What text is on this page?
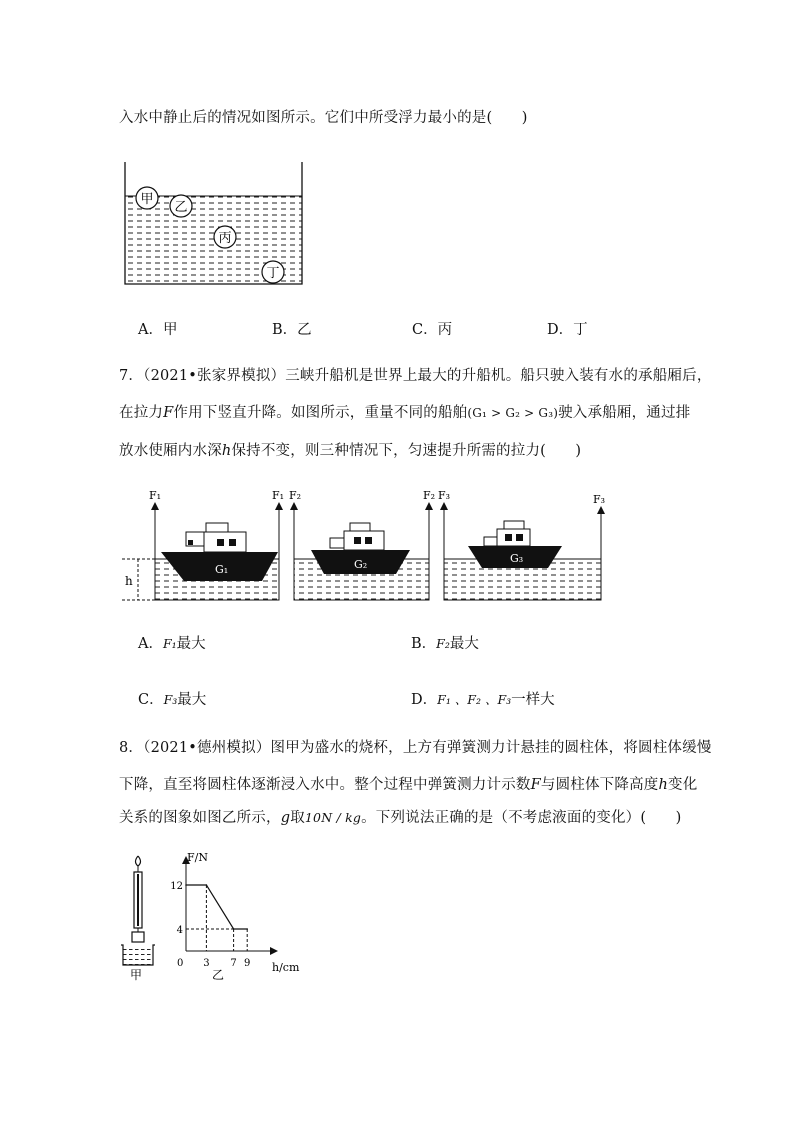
入水中静止后的情况如图所示。它们中所受浮力最小的是(　　)
甲
乙
丙
丁
A．甲	B．乙	C．丙	D．丁
7．（2021•张家界模拟）三峡升船机是世界上最大的升船机。船只驶入装有水的承船厢后，
在拉力F作用下竖直升降。如图所示，重量不同的船舶(G₁ > G₂ > G₃)驶入承船厢，通过排
放水使厢内水深h保持不变，则三种情况下，匀速提升所需的拉力(　　)
h
F₁	F₁ F₂	F₂ F₃	F₃
G₁	G₂	G₃
A．F₁最大	B．F₂最大
C．F₃最大	D．F₁ 、F₂ 、F₃一样大
8．（2021•德州模拟）图甲为盛水的烧杯，上方有弹簧测力计悬挂的圆柱体，将圆柱体缓慢
下降，直至将圆柱体逐渐浸入水中。整个过程中弹簧测力计示数F与圆柱体下降高度h变化
关系的图象如图乙所示，g取10N / kg。下列说法正确的是（不考虑液面的变化）(　　)
甲
F/N
h/cm
0
4
12
3 7 9
乙
